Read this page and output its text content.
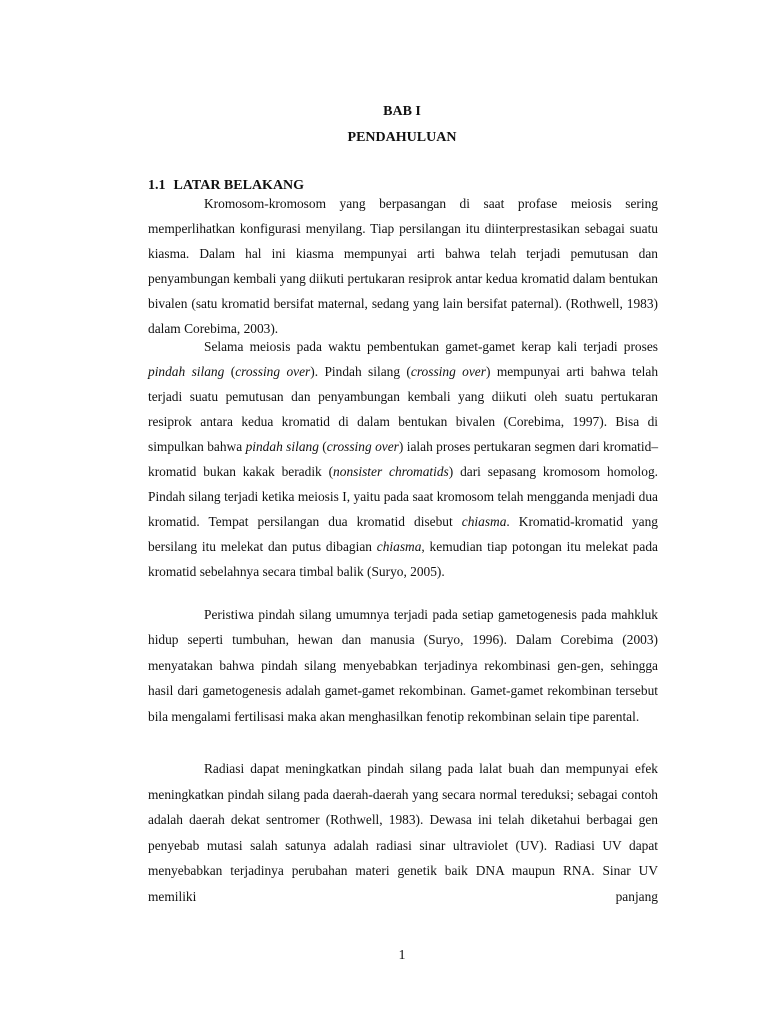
BAB I
PENDAHULUAN
1.1 LATAR BELAKANG

Kromosom-kromosom yang berpasangan di saat profase meiosis sering memperlihatkan konfigurasi menyilang. Tiap persilangan itu diinterprestasikan sebagai suatu kiasma. Dalam hal ini kiasma mempunyai arti bahwa telah terjadi pemutusan dan penyambungan kembali yang diikuti pertukaran resiprok antar kedua kromatid dalam bentukan bivalen (satu kromatid bersifat maternal, sedang yang lain bersifat paternal). (Rothwell, 1983) dalam Corebima, 2003).

Selama meiosis pada waktu pembentukan gamet-gamet kerap kali terjadi proses pindah silang (crossing over). Pindah silang (crossing over) mempunyai arti bahwa telah terjadi suatu pemutusan dan penyambungan kembali yang diikuti oleh suatu pertukaran resiprok antara kedua kromatid di dalam bentukan bivalen (Corebima, 1997). Bisa di simpulkan bahwa pindah silang (crossing over) ialah proses pertukaran segmen dari kromatid–kromatid bukan kakak beradik (nonsister chromatids) dari sepasang kromosom homolog. Pindah silang terjadi ketika meiosis I, yaitu pada saat kromosom telah mengganda menjadi dua kromatid. Tempat persilangan dua kromatid disebut chiasma. Kromatid-kromatid yang bersilang itu melekat dan putus dibagian chiasma, kemudian tiap potongan itu melekat pada kromatid sebelahnya secara timbal balik (Suryo, 2005).

Peristiwa pindah silang umumnya terjadi pada setiap gametogenesis pada mahkluk hidup seperti tumbuhan, hewan dan manusia (Suryo, 1996). Dalam Corebima (2003) menyatakan bahwa pindah silang menyebabkan terjadinya rekombinasi gen-gen, sehingga hasil dari gametogenesis adalah gamet-gamet rekombinan. Gamet-gamet rekombinan tersebut bila mengalami fertilisasi maka akan menghasilkan fenotip rekombinan selain tipe parental.

Radiasi dapat meningkatkan pindah silang pada lalat buah dan mempunyai efek meningkatkan pindah silang pada daerah-daerah yang secara normal tereduksi; sebagai contoh adalah daerah dekat sentromer (Rothwell, 1983). Dewasa ini telah diketahui berbagai gen penyebab mutasi salah satunya adalah radiasi sinar ultraviolet (UV). Radiasi UV dapat menyebabkan terjadinya perubahan materi genetik baik DNA maupun RNA. Sinar UV memiliki panjang

1
